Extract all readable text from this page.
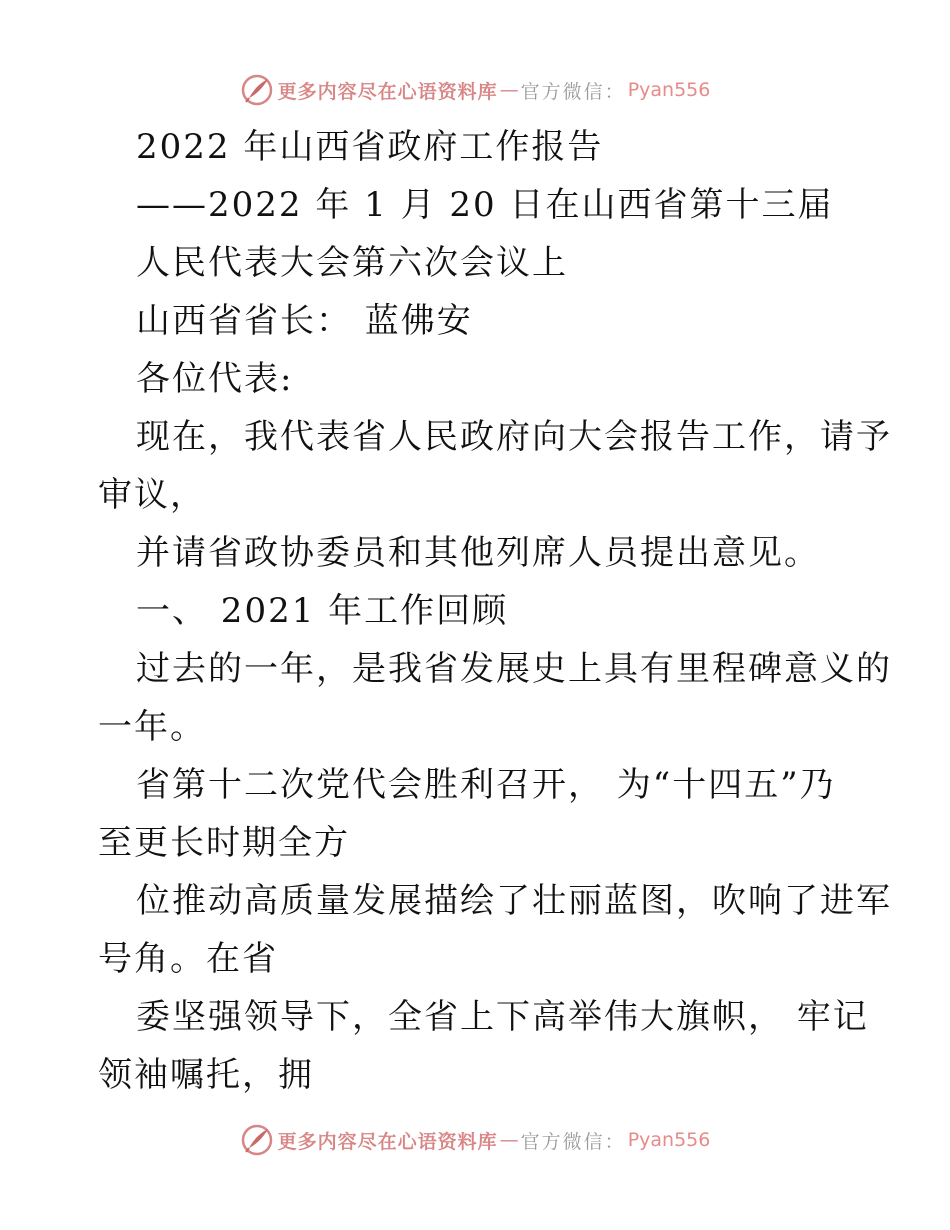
更多内容尽在心语资料库 — 官方微信： Pyan556
2022 年山西省政府工作报告
——2022 年 1 月 20 日在山西省第十三届
人民代表大会第六次会议上
山西省省长： 蓝佛安
各位代表:
现在，我代表省人民政府向大会报告工作，请予
审议，
并请省政协委员和其他列席人员提出意见。
一、 2021 年工作回顾
过去的一年，是我省发展史上具有里程碑意义的
一年。
省第十二次党代会胜利召开， 为“十四五”乃
至更长时期全方
位推动高质量发展描绘了壮丽蓝图，吹响了进军
号角。在省
委坚强领导下，全省上下高举伟大旗帜， 牢记
领袖嘱托，拥
更多内容尽在心语资料库 — 官方微信： Pyan556
